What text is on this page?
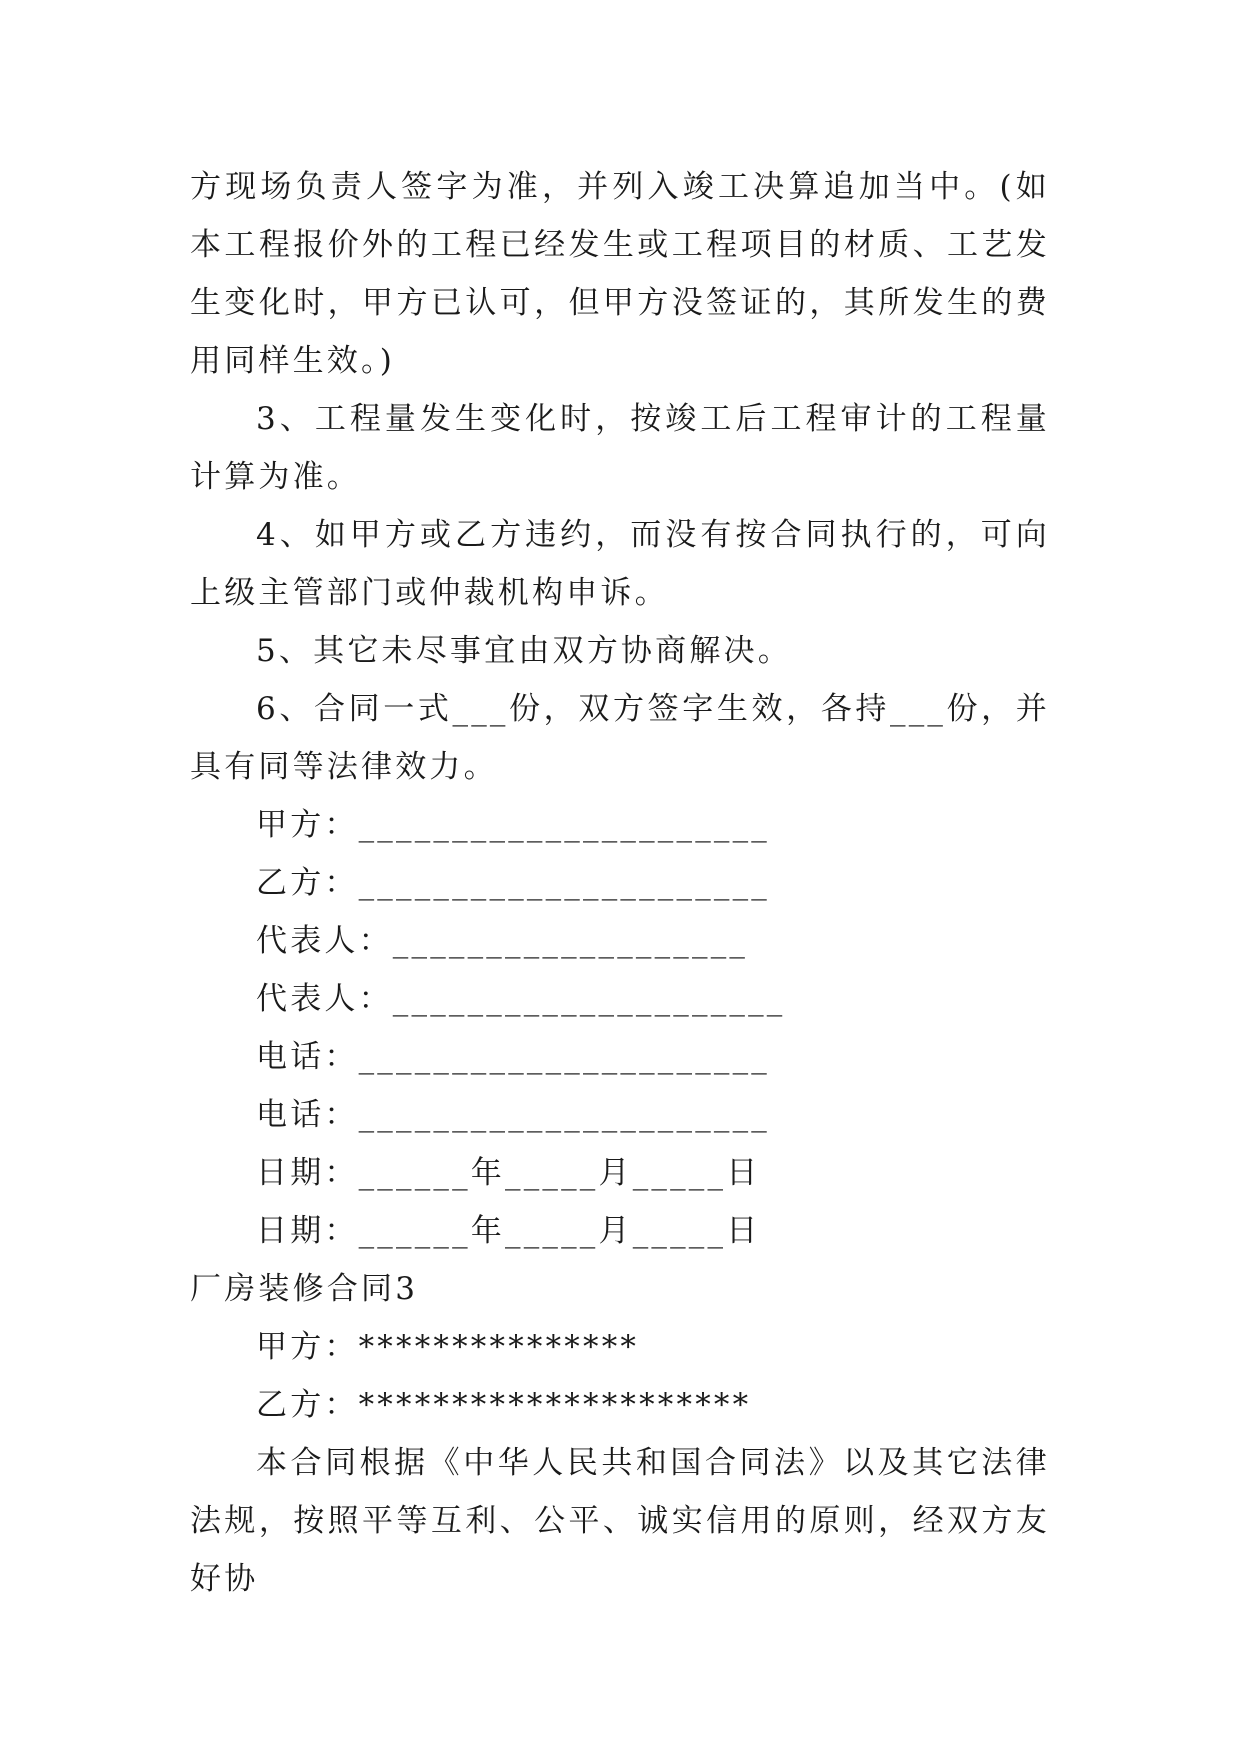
方现场负责人签字为准，并列入竣工决算追加当中。(如本工程报价外的工程已经发生或工程项目的材质、工艺发生变化时，甲方已认可，但甲方没签证的，其所发生的费用同样生效。)

3、工程量发生变化时，按竣工后工程审计的工程量计算为准。

4、如甲方或乙方违约，而没有按合同执行的，可向上级主管部门或仲裁机构申诉。

5、其它未尽事宜由双方协商解决。

6、合同一式___份，双方签字生效，各持___份，并具有同等法律效力。

甲方：______________________

乙方：______________________

代表人：___________________

代表人：_____________________

电话：______________________

电话：______________________

日期：______年_____月_____日

日期：______年_____月_____日

厂房装修合同3

甲方：***************

乙方：*********************

本合同根据《中华人民共和国合同法》以及其它法律法规，按照平等互利、公平、诚实信用的原则，经双方友好协
